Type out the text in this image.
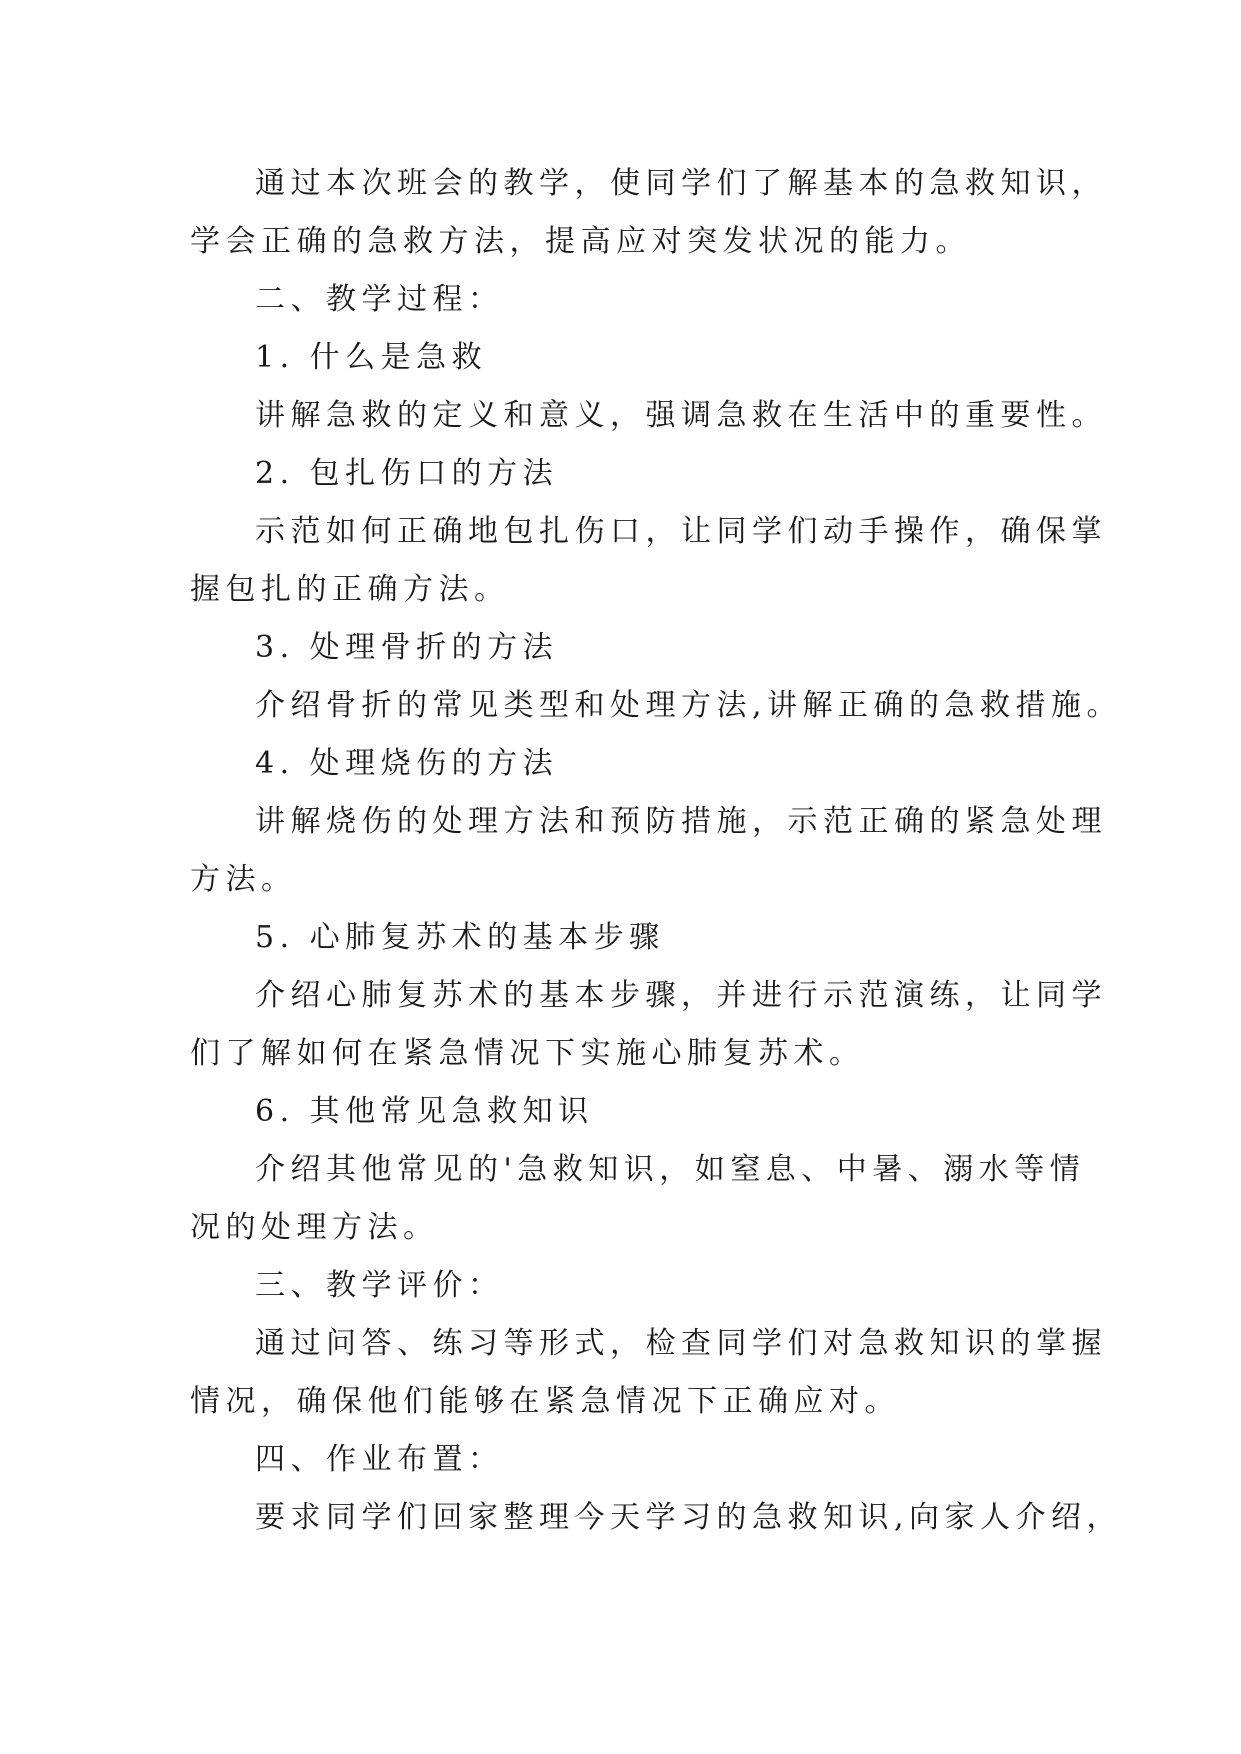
通过本次班会的教学，使同学们了解基本的急救知识，
学会正确的急救方法，提高应对突发状况的能力。
二、教学过程：
1. 什么是急救
讲解急救的定义和意义，强调急救在生活中的重要性。
2. 包扎伤口的方法
示范如何正确地包扎伤口，让同学们动手操作，确保掌
握包扎的正确方法。
3. 处理骨折的方法
介绍骨折的常见类型和处理方法,讲解正确的急救措施。
4. 处理烧伤的方法
讲解烧伤的处理方法和预防措施，示范正确的紧急处理
方法。
5. 心肺复苏术的基本步骤
介绍心肺复苏术的基本步骤，并进行示范演练，让同学
们了解如何在紧急情况下实施心肺复苏术。
6. 其他常见急救知识
介绍其他常见的'急救知识，如窒息、中暑、溺水等情
况的处理方法。
三、教学评价：
通过问答、练习等形式，检查同学们对急救知识的掌握
情况，确保他们能够在紧急情况下正确应对。
四、作业布置：
要求同学们回家整理今天学习的急救知识,向家人介绍，
